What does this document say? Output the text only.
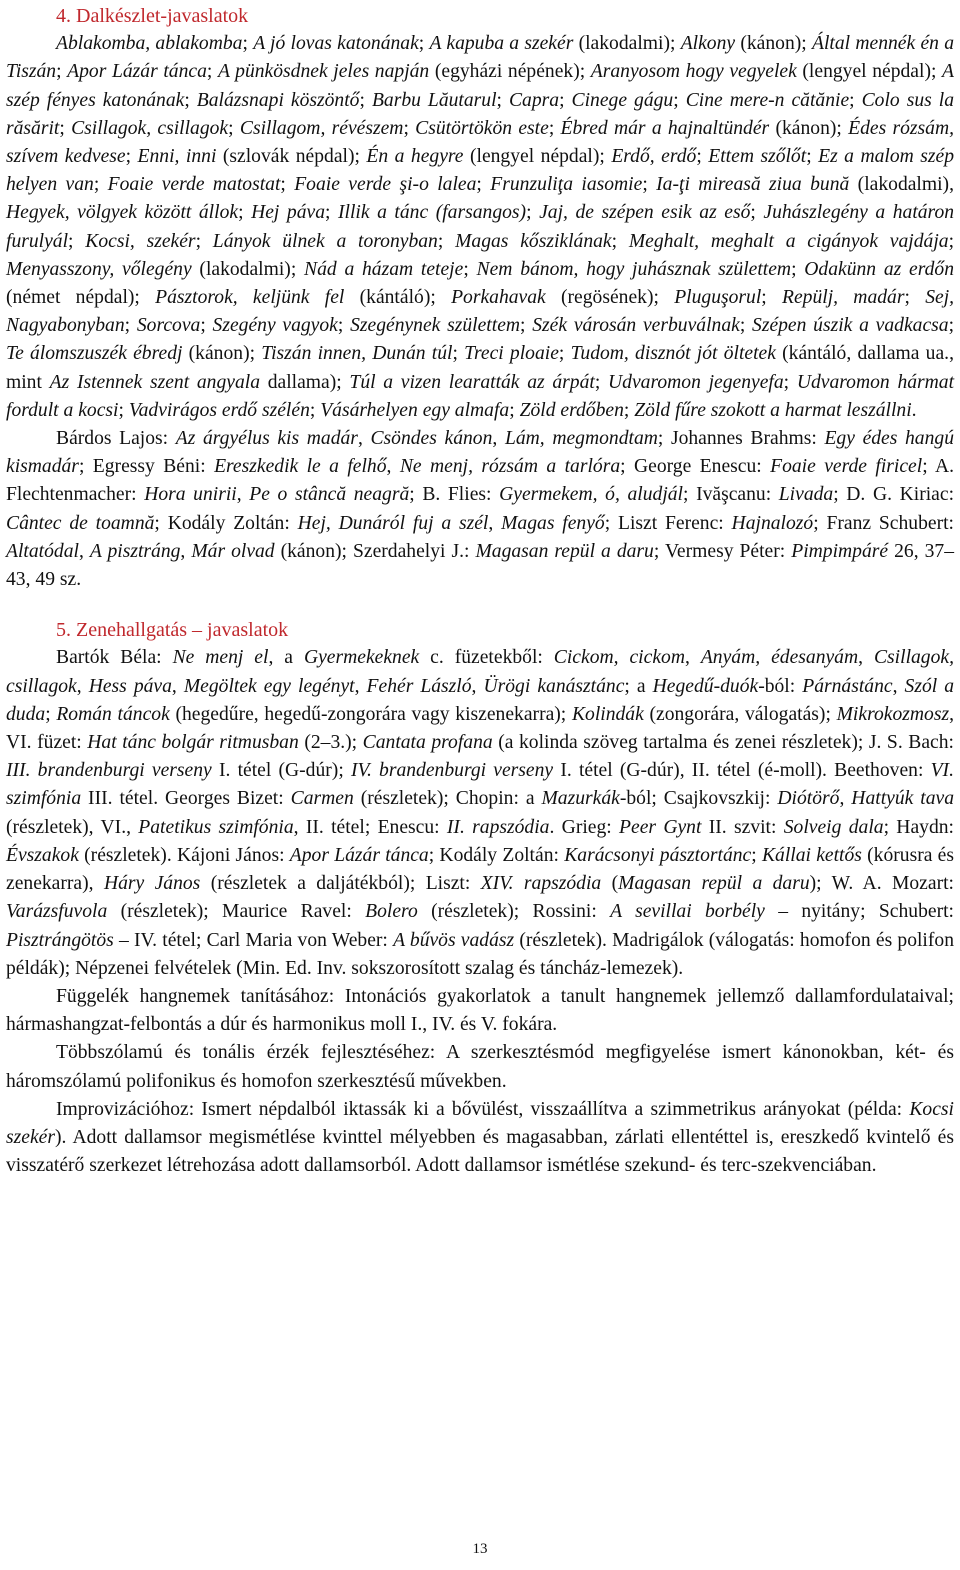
4. Dalkészlet-javaslatok

Ablakomba, ablakomba; A jó lovas katonának; A kapuba a szekér (lakodalmi); Alkony (kánon); Által mennék én a Tiszán; Apor Lázár tánca; A pünkösdnek jeles napján (egyházi népének); Aranyosom hogy vegyelek (lengyel népdal); A szép fényes katonának; Balázsnapi köszöntő; Barbu Lăutarul; Capra; Cinege gágu; Cine mere-n cătănie; Colo sus la răsărit; Csillagok, csillagok; Csillagom, révészem; Csütörtökön este; Ébred már a hajnaltündér (kánon); Édes rózsám, szívem kedvese; Enni, inni (szlovák népdal); Én a hegyre (lengyel népdal); Erdő, erdő; Ettem szőlőt; Ez a malom szép helyen van; Foaie verde matostat; Foaie verde şi-o lalea; Frunzuliţa iasomie; Ia-ţi mireasă ziua bună (lakodalmi), Hegyek, völgyek között állok; Hej páva; Illik a tánc (farsangos); Jaj, de szépen esik az eső; Juhászlegény a határon furulyál; Kocsi, szekér; Lányok ülnek a toronyban; Magas kősziklának; Meghalt, meghalt a cigányok vajdája; Menyasszony, vőlegény (lakodalmi); Nád a házam teteje; Nem bánom, hogy juhásznak születtem; Odakünn az erdőn (német népdal); Pásztorok, keljünk fel (kántáló); Porkahavak (regösének); Pluguşorul; Repülj, madár; Sej, Nagyabonyban; Sorcova; Szegény vagyok; Szegénynek születtem; Szék városán verbuválnak; Szépen úszik a vadkacsa; Te álomszuszék ébredj (kánon); Tiszán innen, Dunán túl; Treci ploaie; Tudom, disznót jót öltetek (kántáló, dallama ua., mint Az Istennek szent angyala dallama); Túl a vizen learatták az árpát; Udvaromon jegenyefa; Udvaromon hármat fordult a kocsi; Vadvirágos erdő szélén; Vásárhelyen egy almafa; Zöld erdőben; Zöld fűre szokott a harmat leszállni.

Bárdos Lajos: Az árgyélus kis madár, Csöndes kánon, Lám, megmondtam; Johannes Brahms: Egy édes hangú kismadár; Egressy Béni: Ereszkedik le a felhő, Ne menj, rózsám a tarlóra; George Enescu: Foaie verde firicel; A. Flechtenmacher: Hora unirii, Pe o stâncă neagră; B. Flies: Gyermekem, ó, aludjál; Ivăşcanu: Livada; D. G. Kiriac: Cântec de toamnă; Kodály Zoltán: Hej, Dunáról fuj a szél, Magas fenyő; Liszt Ferenc: Hajnalozó; Franz Schubert: Altatódal, A pisztráng, Már olvad (kánon); Szerdahelyi J.: Magasan repül a daru; Vermesy Péter: Pimpimpáré 26, 37–43, 49 sz.

5. Zenehallgatás – javaslatok

Bartók Béla: Ne menj el, a Gyermekeknek c. füzetekből: Cickom, cickom, Anyám, édesanyám, Csillagok, csillagok, Hess páva, Megöltek egy legényt, Fehér László, Ürögi kanásztánc; a Hegedű-duók-ból: Párnástánc, Szól a duda; Román táncok (hegedűre, hegedű-zongorára vagy kiszenekarra); Kolindák (zongorára, válogatás); Mikrokozmosz, VI. füzet: Hat tánc bolgár ritmusban (2–3.); Cantata profana (a kolinda szöveg tartalma és zenei részletek); J. S. Bach: III. brandenburgi verseny I. tétel (G-dúr); IV. brandenburgi verseny I. tétel (G-dúr), II. tétel (é-moll). Beethoven: VI. szimfónia III. tétel. Georges Bizet: Carmen (részletek); Chopin: a Mazurkák-ból; Csajkovszkij: Diótörő, Hattyúk tava (részletek), VI., Patetikus szimfónia, II. tétel; Enescu: II. rapszódia. Grieg: Peer Gynt II. szvit: Solveig dala; Haydn: Évszakok (részletek). Kájoni János: Apor Lázár tánca; Kodály Zoltán: Karácsonyi pásztortánc; Kállai kettős (kórusra és zenekarra), Háry János (részletek a daljátékból); Liszt: XIV. rapszódia (Magasan repül a daru); W. A. Mozart: Varázsfuvola (részletek); Maurice Ravel: Bolero (részletek); Rossini: A sevillai borbély – nyitány; Schubert: Pisztrángötös – IV. tétel; Carl Maria von Weber: A bűvös vadász (részletek). Madrigálok (válogatás: homofon és polifon példák); Népzenei felvételek (Min. Ed. Inv. sokszorosított szalag és táncház-lemezek).

Függelék hangnemek tanításához: Intonációs gyakorlatok a tanult hangnemek jellemző dallamfordulataival; hármashangzat-felbontás a dúr és harmonikus moll I., IV. és V. fokára.

Többszólamú és tonális érzék fejlesztéséhez: A szerkesztésmód megfigyelése ismert kánonokban, két- és háromszólamú polifonikus és homofon szerkesztésű művekben.

Improvizációhoz: Ismert népdalból iktassák ki a bővülést, visszaállítva a szimmetrikus arányokat (példa: Kocsi szekér). Adott dallamsor megismétlése kvinttel mélyebben és magasabban, zárlati ellentéttel is, ereszkedő kvintelő és visszatérő szerkezet létrehozása adott dallamsorból. Adott dallamsor ismétlése szekund- és terc-szekvenciában.

13
